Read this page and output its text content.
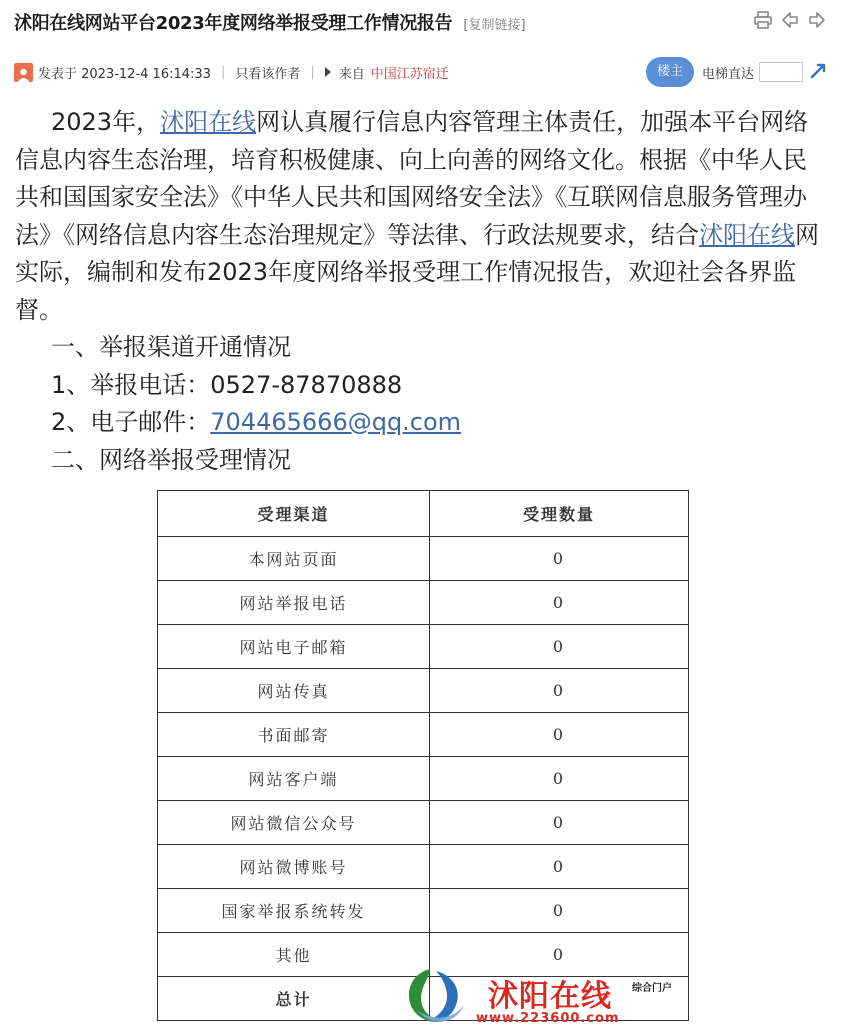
沭阳在线网站平台2023年度网络举报受理工作情况报告 [复制链接]
发表于 2023-12-4 16:14:33 | 只看该作者 | 来自 中国江苏宿迁	楼主	电梯直达

2023年，沭阳在线网认真履行信息内容管理主体责任，加强本平台网络信息内容生态治理，培育积极健康、向上向善的网络文化。根据《中华人民共和国国家安全法》《中华人民共和国网络安全法》《互联网信息服务管理办法》《网络信息内容生态治理规定》等法律、行政法规要求，结合沭阳在线网实际，编制和发布2023年度网络举报受理工作情况报告，欢迎社会各界监督。

一、举报渠道开通情况

1、举报电话：0527-87870888

2、电子邮件：704465666@qq.com

二、网络举报受理情况

受理渠道	受理数量
本网站页面	0
网站举报电话	0
网站电子邮箱	0
网站传真	0
书面邮寄	0
网站客户端	0
网站微信公众号	0
网站微博账号	0
国家举报系统转发	0
其他	0
总计		沭阳在线 综合门户
www.223600.com
